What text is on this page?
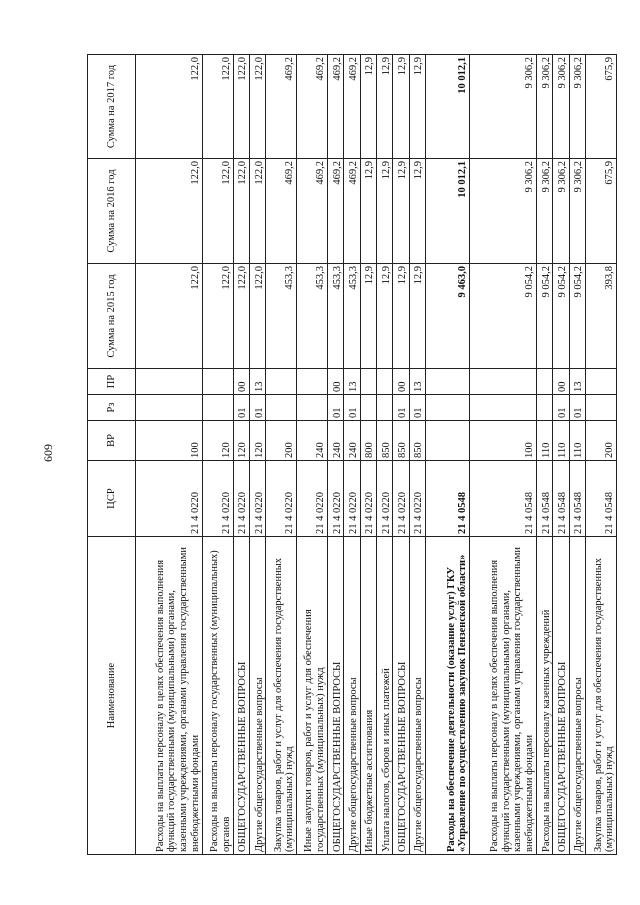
609
Наименование	ЦСР	ВР	Рз	ПР	Сумма на 2015 год	Сумма на 2016 год	Сумма на 2017 год
Расходы на выплаты персоналу в целях обеспечения выполнения функций государственными (муниципальными) органами, казенными учреждениями, органами управления государственными внебюджетными фондами	21 4 0220	100			122,0	122,0	122,0
Расходы на выплаты персоналу государственных (муниципальных) органов	21 4 0220	120			122,0	122,0	122,0
ОБЩЕГОСУДАРСТВЕННЫЕ ВОПРОСЫ	21 4 0220	120	01	00	122,0	122,0	122,0
Другие общегосударственные вопросы	21 4 0220	120	01	13	122,0	122,0	122,0
Закупка товаров, работ и услуг для обеспечения государственных (муниципальных) нужд	21 4 0220	200			453,3	469,2	469,2
Иные закупки товаров, работ и услуг для обеспечения государственных (муниципальных) нужд	21 4 0220	240			453,3	469,2	469,2
ОБЩЕГОСУДАРСТВЕННЫЕ ВОПРОСЫ	21 4 0220	240	01	00	453,3	469,2	469,2
Другие общегосударственные вопросы	21 4 0220	240	01	13	453,3	469,2	469,2
Иные бюджетные ассигнования	21 4 0220	800			12,9	12,9	12,9
Уплата налогов, сборов и иных платежей	21 4 0220	850			12,9	12,9	12,9
ОБЩЕГОСУДАРСТВЕННЫЕ ВОПРОСЫ	21 4 0220	850	01	00	12,9	12,9	12,9
Другие общегосударственные вопросы	21 4 0220	850	01	13	12,9	12,9	12,9
Расходы на обеспечение деятельности (оказание услуг) ГКУ «Управление по осуществлению закупок Пензенской области»	21 4 0548				9 463,0	10 012,1	10 012,1
Расходы на выплаты персоналу в целях обеспечения выполнения функций государственными (муниципальными) органами, казенными учреждениями, органами управления государственными внебюджетными фондами	21 4 0548	100			9 054,2	9 306,2	9 306,2
Расходы на выплаты персоналу казенных учреждений	21 4 0548	110			9 054,2	9 306,2	9 306,2
ОБЩЕГОСУДАРСТВЕННЫЕ ВОПРОСЫ	21 4 0548	110	01	00	9 054,2	9 306,2	9 306,2
Другие общегосударственные вопросы	21 4 0548	110	01	13	9 054,2	9 306,2	9 306,2
Закупка товаров, работ и услуг для обеспечения государственных (муниципальных) нужд	21 4 0548	200			393,8	675,9	675,9
